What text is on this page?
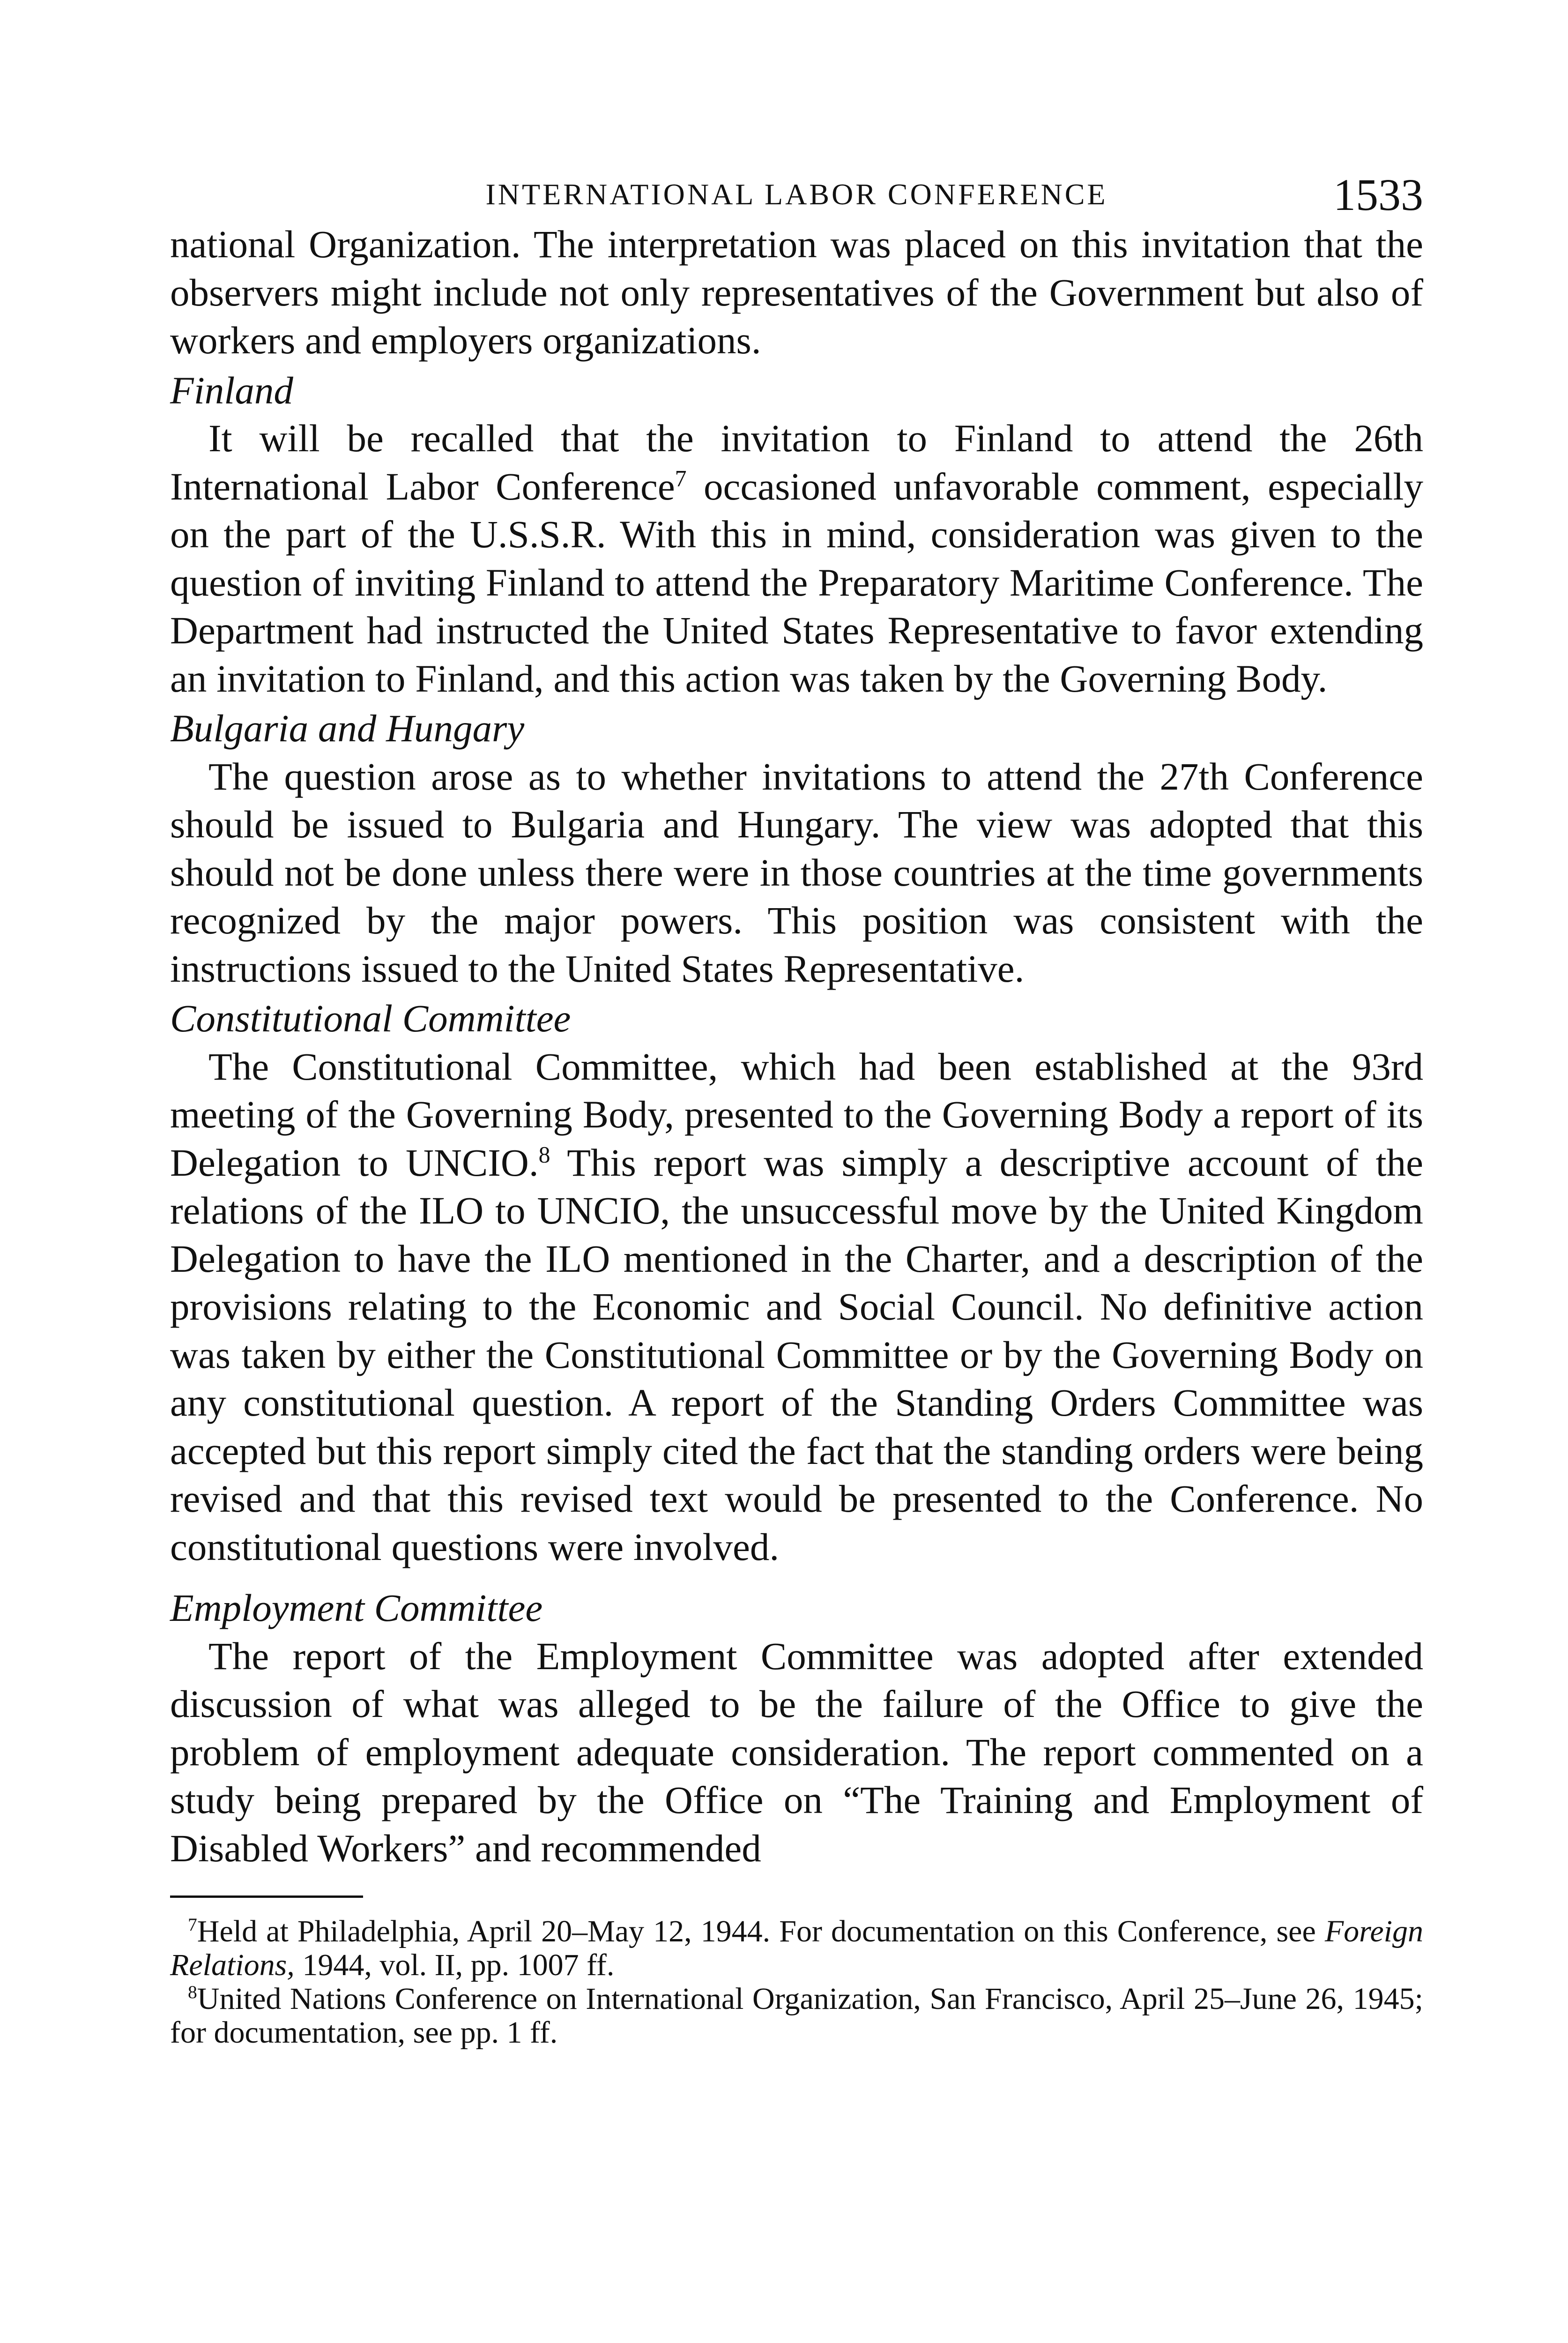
INTERNATIONAL LABOR CONFERENCE	1533

national Organization. The interpretation was placed on this invitation that the observers might include not only representatives of the Government but also of workers and employers organizations.

Finland

It will be recalled that the invitation to Finland to attend the 26th International Labor Conference$^7$ occasioned unfavorable comment, especially on the part of the U.S.S.R. With this in mind, consideration was given to the question of inviting Finland to attend the Preparatory Maritime Conference. The Department had instructed the United States Representative to favor extending an invitation to Finland, and this action was taken by the Governing Body.

Bulgaria and Hungary

The question arose as to whether invitations to attend the 27th Conference should be issued to Bulgaria and Hungary. The view was adopted that this should not be done unless there were in those countries at the time governments recognized by the major powers. This position was consistent with the instructions issued to the United States Representative.

Constitutional Committee

The Constitutional Committee, which had been established at the 93rd meeting of the Governing Body, presented to the Governing Body a report of its Delegation to UNCIO.$^8$ This report was simply a descriptive account of the relations of the ILO to UNCIO, the unsuccessful move by the United Kingdom Delegation to have the ILO mentioned in the Charter, and a description of the provisions relating to the Economic and Social Council. No definitive action was taken by either the Constitutional Committee or by the Governing Body on any constitutional question. A report of the Standing Orders Committee was accepted but this report simply cited the fact that the standing orders were being revised and that this revised text would be presented to the Conference. No constitutional questions were involved.

Employment Committee

The report of the Employment Committee was adopted after extended discussion of what was alleged to be the failure of the Office to give the problem of employment adequate consideration. The report commented on a study being prepared by the Office on “The Training and Employment of Disabled Workers” and recommended

$^7$Held at Philadelphia, April 20–May 12, 1944. For documentation on this Conference, see Foreign Relations, 1944, vol. II, pp. 1007 ff.

$^8$United Nations Conference on International Organization, San Francisco, April 25–June 26, 1945; for documentation, see pp. 1 ff.
